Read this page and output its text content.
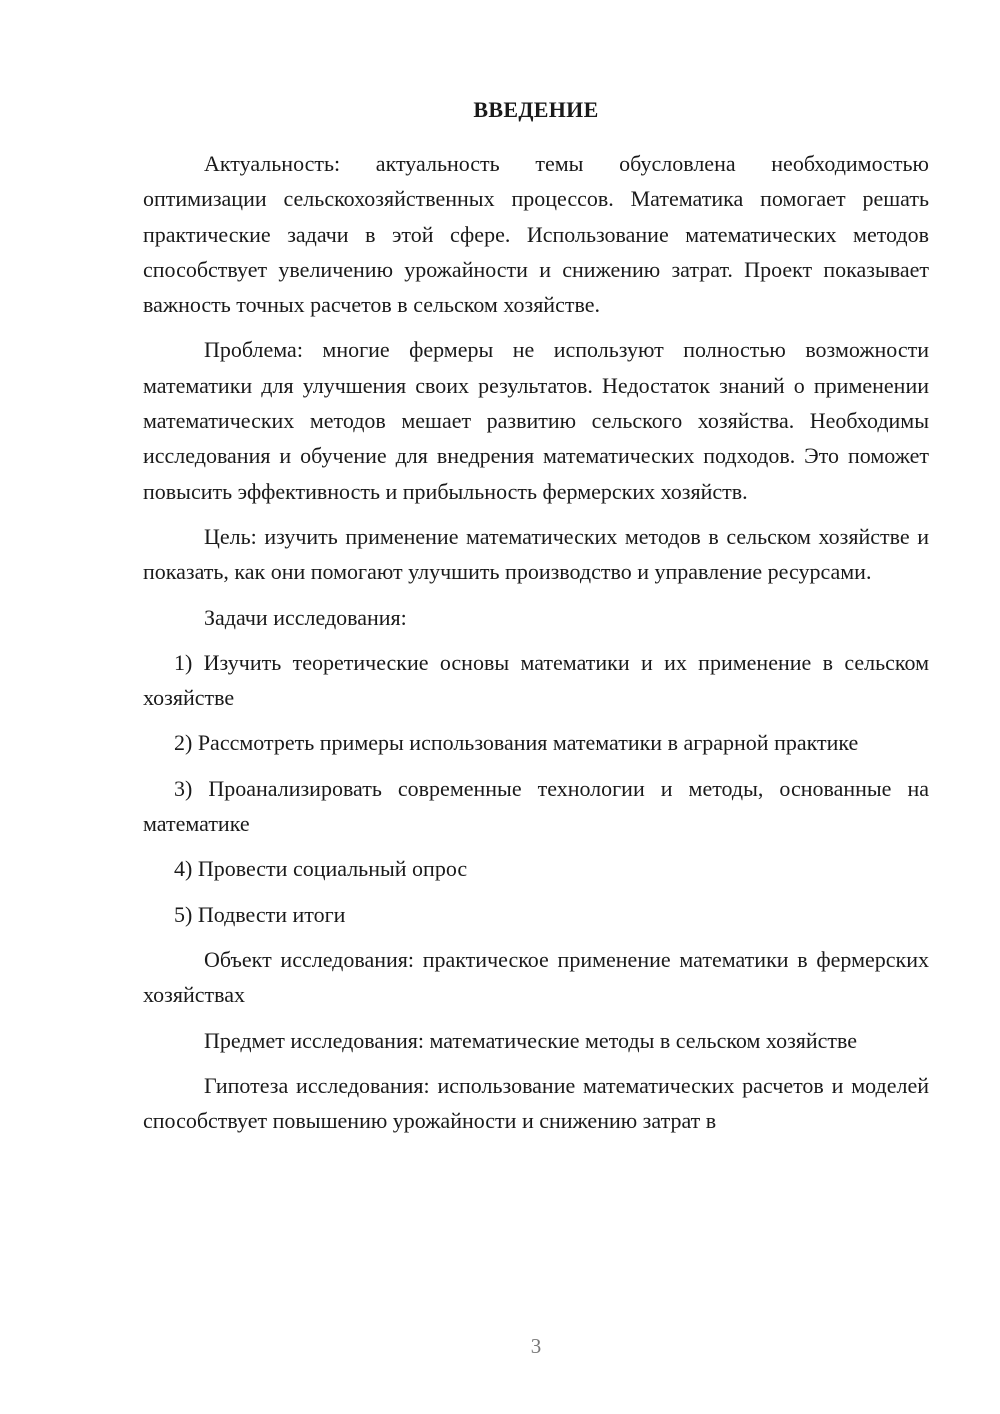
ВВЕДЕНИЕ

Актуальность: актуальность темы обусловлена необходимостью оптимизации сельскохозяйственных процессов. Математика помогает решать практические задачи в этой сфере. Использование математических методов способствует увеличению урожайности и снижению затрат. Проект показывает важность точных расчетов в сельском хозяйстве.

Проблема: многие фермеры не используют полностью возможности математики для улучшения своих результатов. Недостаток знаний о применении математических методов мешает развитию сельского хозяйства. Необходимы исследования и обучение для внедрения математических подходов. Это поможет повысить эффективность и прибыльность фермерских хозяйств.

Цель: изучить применение математических методов в сельском хозяйстве и показать, как они помогают улучшить производство и управление ресурсами.

Задачи исследования:

1) Изучить теоретические основы математики и их применение в сельском хозяйстве

2) Рассмотреть примеры использования математики в аграрной практике

3) Проанализировать современные технологии и методы, основанные на математике

4) Провести социальный опрос

5) Подвести итоги

Объект исследования: практическое применение математики в фермерских хозяйствах

Предмет исследования: математические методы в сельском хозяйстве

Гипотеза исследования: использование математических расчетов и моделей способствует повышению урожайности и снижению затрат в

3
